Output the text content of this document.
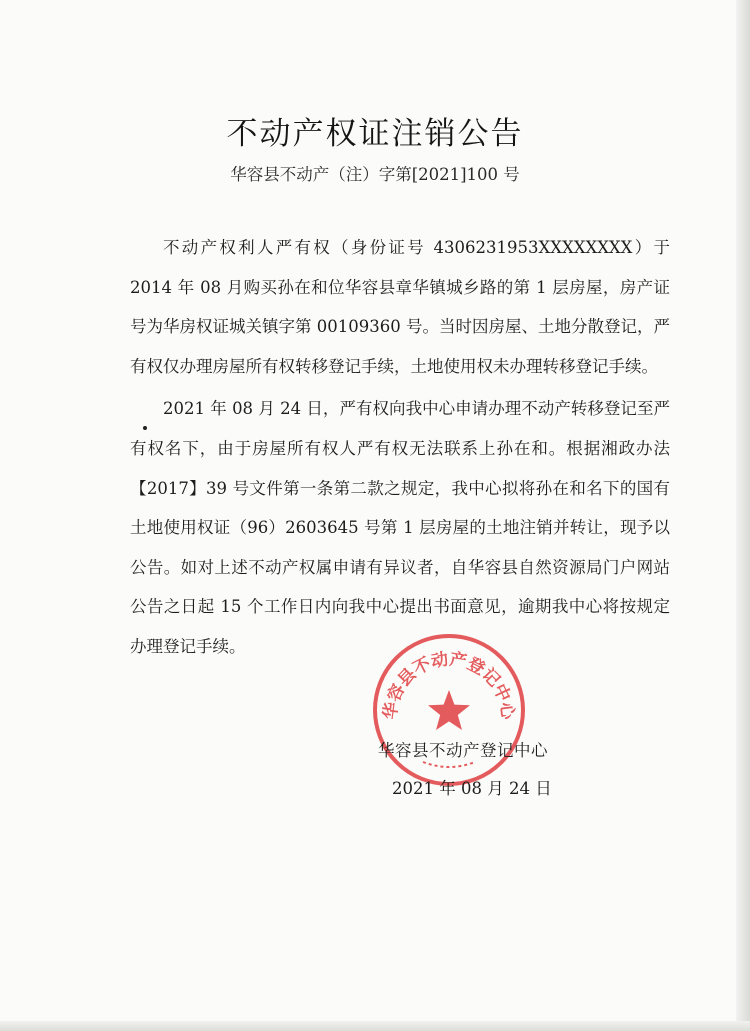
不动产权证注销公告
华容县不动产（注）字第[2021]100 号

不动产权利人严有权（身份证号 4306231953XXXXXXXX）于 2014 年 08 月购买孙在和位华容县章华镇城乡路的第 1 层房屋，房产证号为华房权证城关镇字第 00109360 号。当时因房屋、土地分散登记，严有权仅办理房屋所有权转移登记手续，土地使用权未办理转移登记手续。

2021 年 08 月 24 日，严有权向我中心申请办理不动产转移登记至严有权名下，由于房屋所有权人严有权无法联系上孙在和。根据湘政办法【2017】39 号文件第一条第二款之规定，我中心拟将孙在和名下的国有土地使用权证（96）2603645 号第 1 层房屋的土地注销并转让，现予以公告。如对上述不动产权属申请有异议者，自华容县自然资源局门户网站公告之日起 15 个工作日内向我中心提出书面意见，逾期我中心将按规定办理登记手续。

华容县不动产登记中心
华容县不动产登记中心
2021 年 08 月 24 日
